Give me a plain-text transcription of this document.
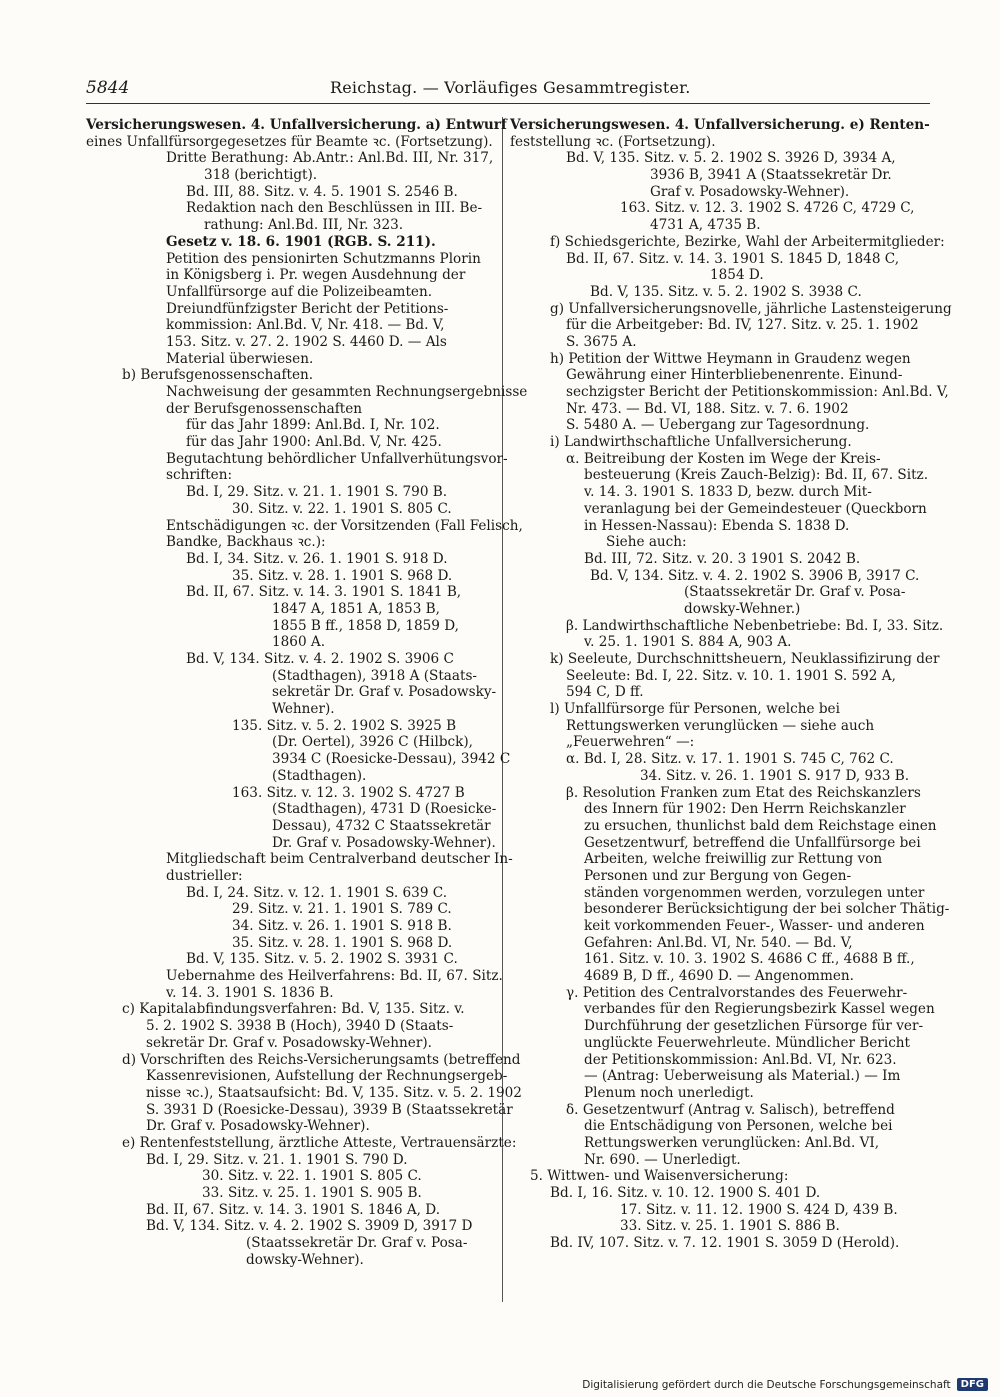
5844	Reichstag. — Vorläufiges Gesammtregister.
Versicherungswesen. 4. Unfallversicherung. a) Entwurf
eines Unfallfürsorgegesetzes für Beamte ꝛc. (Fortsetzung).
Dritte Berathung: Ab.Antr.: Anl.Bd. III, Nr. 317,
318 (berichtigt).
Bd. III, 88. Sitz. v. 4. 5. 1901 S. 2546 B.
Redaktion nach den Beschlüssen in III. Be-
rathung: Anl.Bd. III, Nr. 323.
Gesetz v. 18. 6. 1901 (RGB. S. 211).
Petition des pensionirten Schutzmanns Plorin
in Königsberg i. Pr. wegen Ausdehnung der
Unfallfürsorge auf die Polizeibeamten.
Dreiundfünfzigster Bericht der Petitions-
kommission: Anl.Bd. V, Nr. 418. — Bd. V,
153. Sitz. v. 27. 2. 1902 S. 4460 D. — Als
Material überwiesen.
b) Berufsgenossenschaften.
Nachweisung der gesammten Rechnungsergebnisse
der Berufsgenossenschaften
für das Jahr 1899: Anl.Bd. I, Nr. 102.
für das Jahr 1900: Anl.Bd. V, Nr. 425.
Begutachtung behördlicher Unfallverhütungsvor-
schriften:
Bd. I, 29. Sitz. v. 21. 1. 1901 S. 790 B.
30. Sitz. v. 22. 1. 1901 S. 805 C.
Entschädigungen ꝛc. der Vorsitzenden (Fall Felisch,
Bandke, Backhaus ꝛc.):
Bd. I, 34. Sitz. v. 26. 1. 1901 S. 918 D.
35. Sitz. v. 28. 1. 1901 S. 968 D.
Bd. II, 67. Sitz. v. 14. 3. 1901 S. 1841 B,
1847 A, 1851 A, 1853 B,
1855 B ff., 1858 D, 1859 D,
1860 A.
Bd. V, 134. Sitz. v. 4. 2. 1902 S. 3906 C
(Stadthagen), 3918 A (Staats-
sekretär Dr. Graf v. Posadowsky-
Wehner).
135. Sitz. v. 5. 2. 1902 S. 3925 B
(Dr. Oertel), 3926 C (Hilbck),
3934 C (Roesicke-Dessau), 3942 C
(Stadthagen).
163. Sitz. v. 12. 3. 1902 S. 4727 B
(Stadthagen), 4731 D (Roesicke-
Dessau), 4732 C Staatssekretär
Dr. Graf v. Posadowsky-Wehner).
Mitgliedschaft beim Centralverband deutscher In-
dustrieller:
Bd. I, 24. Sitz. v. 12. 1. 1901 S. 639 C.
29. Sitz. v. 21. 1. 1901 S. 789 C.
34. Sitz. v. 26. 1. 1901 S. 918 B.
35. Sitz. v. 28. 1. 1901 S. 968 D.
Bd. V, 135. Sitz. v. 5. 2. 1902 S. 3931 C.
Uebernahme des Heilverfahrens: Bd. II, 67. Sitz.
v. 14. 3. 1901 S. 1836 B.
c) Kapitalabfindungsverfahren: Bd. V, 135. Sitz. v.
5. 2. 1902 S. 3938 B (Hoch), 3940 D (Staats-
sekretär Dr. Graf v. Posadowsky-Wehner).
d) Vorschriften des Reichs-Versicherungsamts (betreffend
Kassenrevisionen, Aufstellung der Rechnungsergeb-
nisse ꝛc.), Staatsaufsicht: Bd. V, 135. Sitz. v. 5. 2. 1902
S. 3931 D (Roesicke-Dessau), 3939 B (Staatssekretär
Dr. Graf v. Posadowsky-Wehner).
e) Rentenfeststellung, ärztliche Atteste, Vertrauensärzte:
Bd. I, 29. Sitz. v. 21. 1. 1901 S. 790 D.
30. Sitz. v. 22. 1. 1901 S. 805 C.
33. Sitz. v. 25. 1. 1901 S. 905 B.
Bd. II, 67. Sitz. v. 14. 3. 1901 S. 1846 A, D.
Bd. V, 134. Sitz. v. 4. 2. 1902 S. 3909 D, 3917 D
(Staatssekretär Dr. Graf v. Posa-
dowsky-Wehner).
Versicherungswesen. 4. Unfallversicherung. e) Renten-
feststellung ꝛc. (Fortsetzung).
Bd. V, 135. Sitz. v. 5. 2. 1902 S. 3926 D, 3934 A,
3936 B, 3941 A (Staatssekretär Dr.
Graf v. Posadowsky-Wehner).
163. Sitz. v. 12. 3. 1902 S. 4726 C, 4729 C,
4731 A, 4735 B.
f) Schiedsgerichte, Bezirke, Wahl der Arbeitermitglieder:
Bd. II, 67. Sitz. v. 14. 3. 1901 S. 1845 D, 1848 C,
1854 D.
Bd. V, 135. Sitz. v. 5. 2. 1902 S. 3938 C.
g) Unfallversicherungsnovelle, jährliche Lastensteigerung
für die Arbeitgeber: Bd. IV, 127. Sitz. v. 25. 1. 1902
S. 3675 A.
h) Petition der Wittwe Heymann in Graudenz wegen
Gewährung einer Hinterbliebenenrente. Einund-
sechzigster Bericht der Petitionskommission: Anl.Bd. V,
Nr. 473. — Bd. VI, 188. Sitz. v. 7. 6. 1902
S. 5480 A. — Uebergang zur Tagesordnung.
i) Landwirthschaftliche Unfallversicherung.
α. Beitreibung der Kosten im Wege der Kreis-
besteuerung (Kreis Zauch-Belzig): Bd. II, 67. Sitz.
v. 14. 3. 1901 S. 1833 D, bezw. durch Mit-
veranlagung bei der Gemeindesteuer (Queckborn
in Hessen-Nassau): Ebenda S. 1838 D.
Siehe auch:
Bd. III, 72. Sitz. v. 20. 3 1901 S. 2042 B.
Bd. V, 134. Sitz. v. 4. 2. 1902 S. 3906 B, 3917 C.
(Staatssekretär Dr. Graf v. Posa-
dowsky-Wehner.)
β. Landwirthschaftliche Nebenbetriebe: Bd. I, 33. Sitz.
v. 25. 1. 1901 S. 884 A, 903 A.
k) Seeleute, Durchschnittsheuern, Neuklassifizirung der
Seeleute: Bd. I, 22. Sitz. v. 10. 1. 1901 S. 592 A,
594 C, D ff.
l) Unfallfürsorge für Personen, welche bei
Rettungswerken verunglücken — siehe auch
„Feuerwehren“ —:
α. Bd. I, 28. Sitz. v. 17. 1. 1901 S. 745 C, 762 C.
34. Sitz. v. 26. 1. 1901 S. 917 D, 933 B.
β. Resolution Franken zum Etat des Reichskanzlers
des Innern für 1902: Den Herrn Reichskanzler
zu ersuchen, thunlichst bald dem Reichstage einen
Gesetzentwurf, betreffend die Unfallfürsorge bei
Arbeiten, welche freiwillig zur Rettung von
Personen und zur Bergung von Gegen-
ständen vorgenommen werden, vorzulegen unter
besonderer Berücksichtigung der bei solcher Thätig-
keit vorkommenden Feuer-, Wasser- und anderen
Gefahren: Anl.Bd. VI, Nr. 540. — Bd. V,
161. Sitz. v. 10. 3. 1902 S. 4686 C ff., 4688 B ff.,
4689 B, D ff., 4690 D. — Angenommen.
γ. Petition des Centralvorstandes des Feuerwehr-
verbandes für den Regierungsbezirk Kassel wegen
Durchführung der gesetzlichen Fürsorge für ver-
unglückte Feuerwehrleute. Mündlicher Bericht
der Petitionskommission: Anl.Bd. VI, Nr. 623.
— (Antrag: Ueberweisung als Material.) — Im
Plenum noch unerledigt.
δ. Gesetzentwurf (Antrag v. Salisch), betreffend
die Entschädigung von Personen, welche bei
Rettungswerken verunglücken: Anl.Bd. VI,
Nr. 690. — Unerledigt.
5. Wittwen- und Waisenversicherung:
Bd. I, 16. Sitz. v. 10. 12. 1900 S. 401 D.
17. Sitz. v. 11. 12. 1900 S. 424 D, 439 B.
33. Sitz. v. 25. 1. 1901 S. 886 B.
Bd. IV, 107. Sitz. v. 7. 12. 1901 S. 3059 D (Herold).
Digitalisierung gefördert durch die Deutsche Forschungsgemeinschaft	DFG
